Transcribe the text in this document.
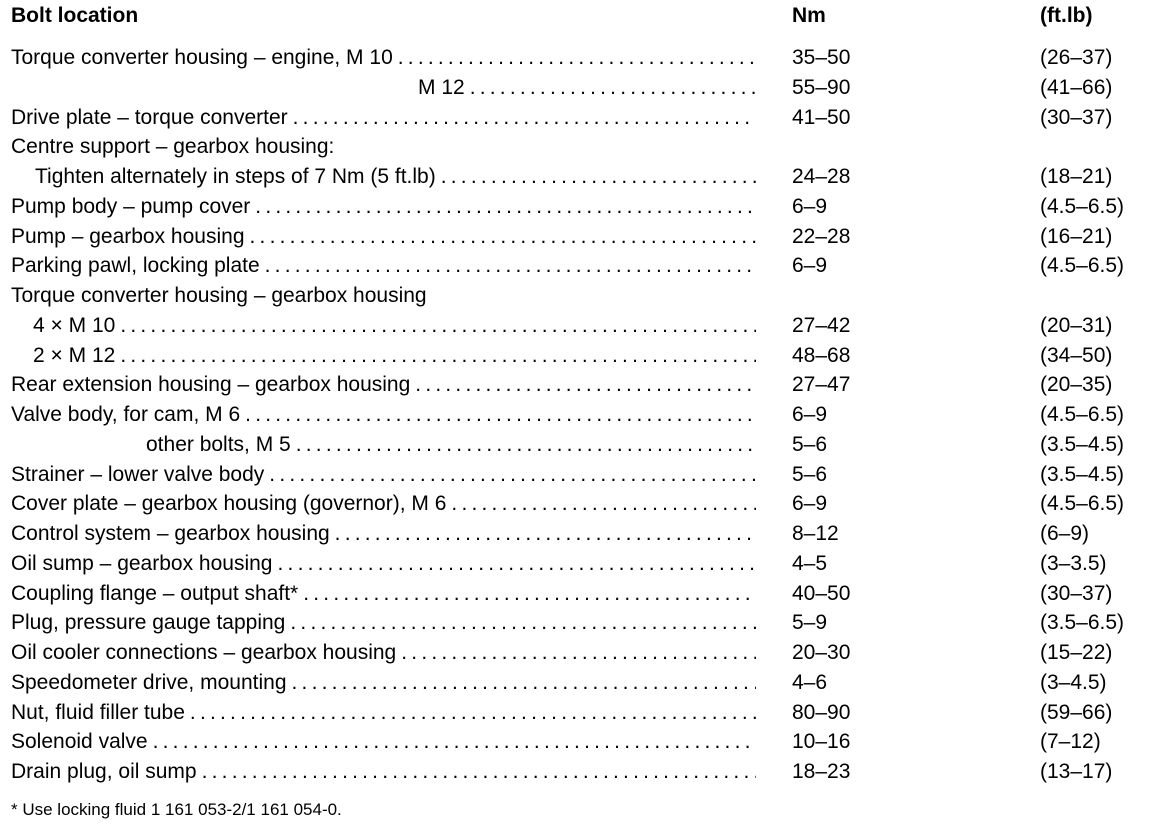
Bolt location	Nm	(ft.lb)
Torque converter housing – engine, M 10 .....	35–50	(26–37)
M 12 .....	55–90	(41–66)
Drive plate – torque converter .....	41–50	(30–37)
Centre support – gearbox housing:
Tighten alternately in steps of 7 Nm (5 ft.lb) .....	24–28	(18–21)
Pump body – pump cover .....	6–9	(4.5–6.5)
Pump – gearbox housing .....	22–28	(16–21)
Parking pawl, locking plate .....	6–9	(4.5–6.5)
Torque converter housing – gearbox housing
4 × M 10 .....	27–42	(20–31)
2 × M 12 .....	48–68	(34–50)
Rear extension housing – gearbox housing .....	27–47	(20–35)
Valve body, for cam, M 6 .....	6–9	(4.5–6.5)
other bolts, M 5 .....	5–6	(3.5–4.5)
Strainer – lower valve body .....	5–6	(3.5–4.5)
Cover plate – gearbox housing (governor), M 6 .....	6–9	(4.5–6.5)
Control system – gearbox housing .....	8–12	(6–9)
Oil sump – gearbox housing .....	4–5	(3–3.5)
Coupling flange – output shaft* .....	40–50	(30–37)
Plug, pressure gauge tapping .....	5–9	(3.5–6.5)
Oil cooler connections – gearbox housing .....	20–30	(15–22)
Speedometer drive, mounting .....	4–6	(3–4.5)
Nut, fluid filler tube .....	80–90	(59–66)
Solenoid valve .....	10–16	(7–12)
Drain plug, oil sump .....	18–23	(13–17)
* Use locking fluid 1 161 053-2/1 161 054-0.
